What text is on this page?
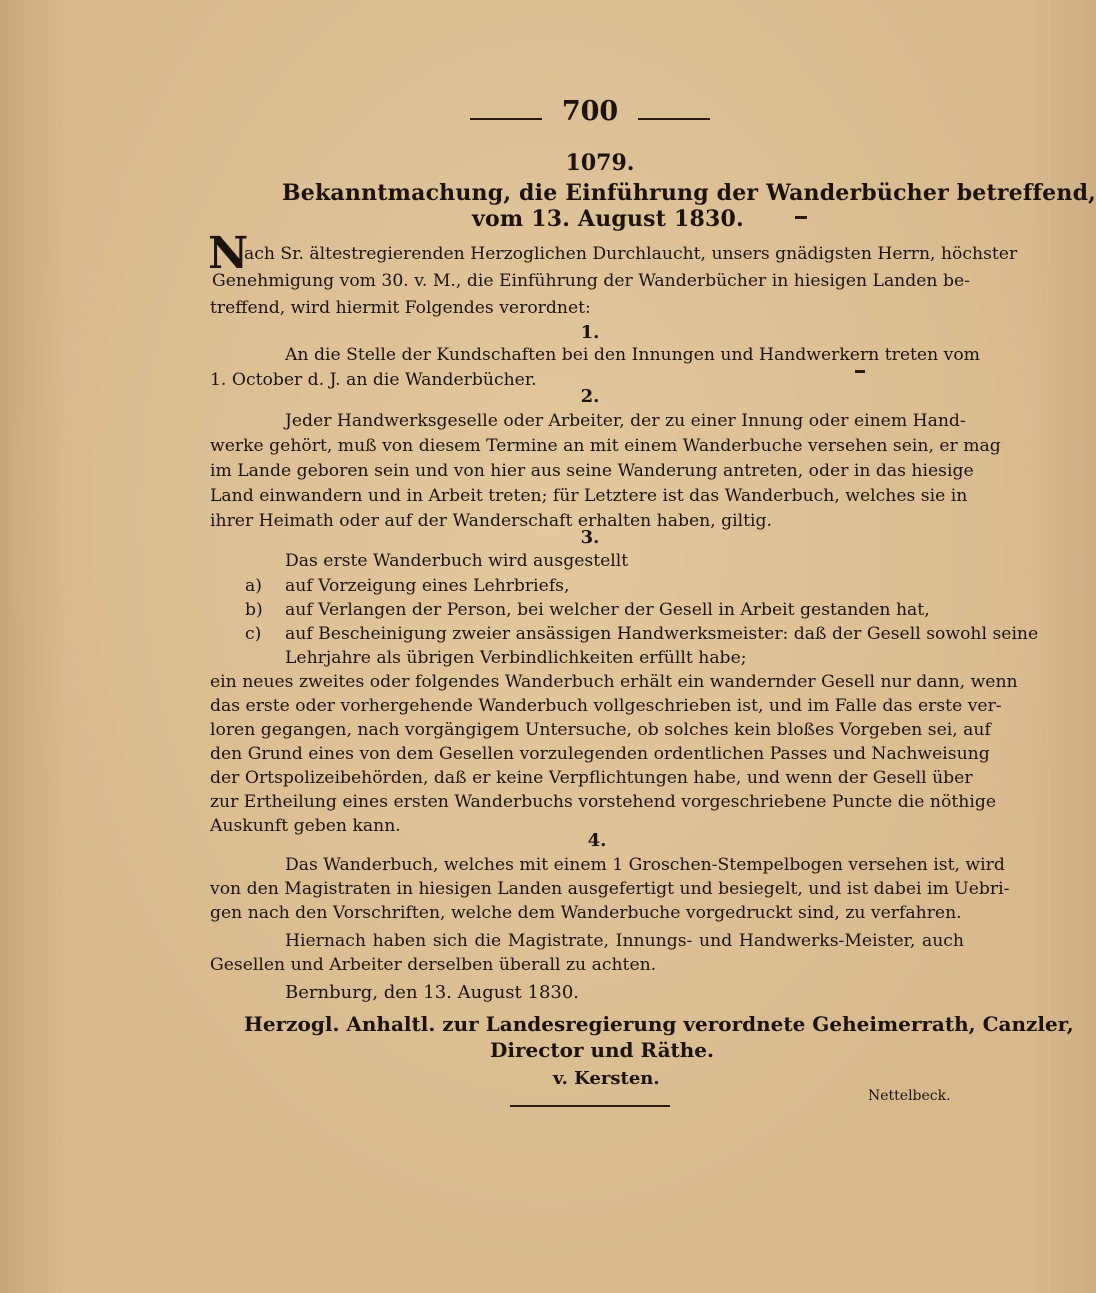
700
1079.
Bekanntmachung, die Einführung der Wanderbücher betreffend,
vom 13. August 1830.
N
ach Sr. ältestregierenden Herzoglichen Durchlaucht, unsers gnädigsten Herrn, höchster
Genehmigung vom 30. v. M., die Einführung der Wanderbücher in hiesigen Landen be-
treffend, wird hiermit Folgendes verordnet:
1.
An die Stelle der Kundschaften bei den Innungen und Handwerkern treten vom
1. October d. J. an die Wanderbücher.
2.
Jeder Handwerksgeselle oder Arbeiter, der zu einer Innung oder einem Hand-
werke gehört, muß von diesem Termine an mit einem Wanderbuche versehen sein, er mag
im Lande geboren sein und von hier aus seine Wanderung antreten, oder in das hiesige
Land einwandern und in Arbeit treten; für Letztere ist das Wanderbuch, welches sie in
ihrer Heimath oder auf der Wanderschaft erhalten haben, giltig.
3.
Das erste Wanderbuch wird ausgestellt
a) auf Vorzeigung eines Lehrbriefs,
b) auf Verlangen der Person, bei welcher der Gesell in Arbeit gestanden hat,
c) auf Bescheinigung zweier ansässigen Handwerksmeister: daß der Gesell sowohl seine
Lehrjahre als übrigen Verbindlichkeiten erfüllt habe;
ein neues zweites oder folgendes Wanderbuch erhält ein wandernder Gesell nur dann, wenn
das erste oder vorhergehende Wanderbuch vollgeschrieben ist, und im Falle das erste ver-
loren gegangen, nach vorgängigem Untersuche, ob solches kein bloßes Vorgeben sei, auf
den Grund eines von dem Gesellen vorzulegenden ordentlichen Passes und Nachweisung
der Ortspolizeibehörden, daß er keine Verpflichtungen habe, und wenn der Gesell über
zur Ertheilung eines ersten Wanderbuchs vorstehend vorgeschriebene Puncte die nöthige
Auskunft geben kann.
4.
Das Wanderbuch, welches mit einem 1 Groschen-Stempelbogen versehen ist, wird
von den Magistraten in hiesigen Landen ausgefertigt und besiegelt, und ist dabei im Uebri-
gen nach den Vorschriften, welche dem Wanderbuche vorgedruckt sind, zu verfahren.
Hiernach haben sich die Magistrate, Innungs- und Handwerks-Meister, auch
Gesellen und Arbeiter derselben überall zu achten.
Bernburg, den 13. August 1830.
Herzogl. Anhaltl. zur Landesregierung verordnete Geheimerrath, Canzler,
Director und Räthe.
v. Kersten.
Nettelbeck.
